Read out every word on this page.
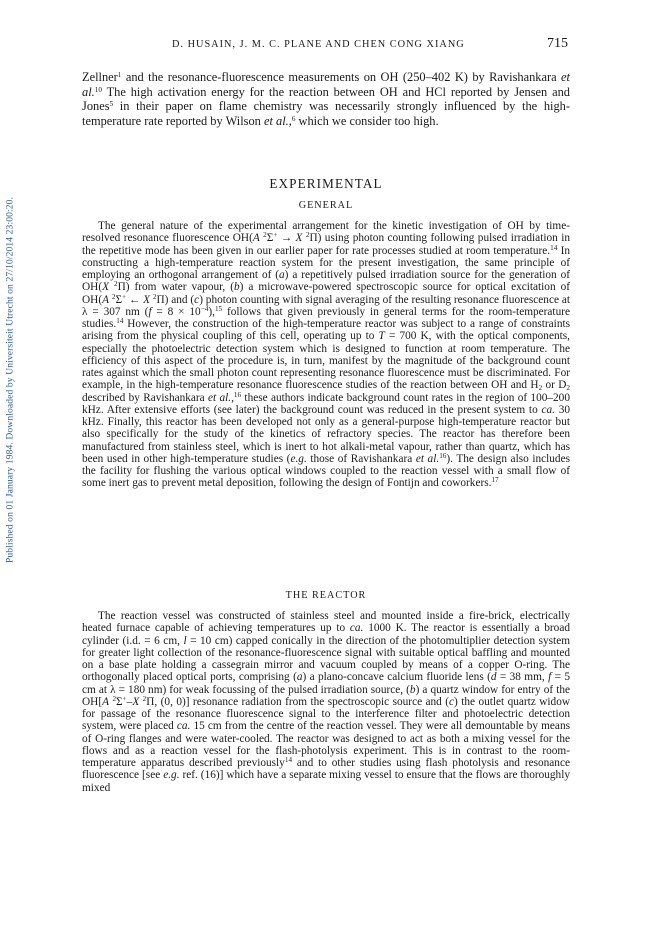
Published on 01 January 1984. Downloaded by Universiteit Utrecht on 27/10/2014 23:00:20.
D. HUSAIN, J. M. C. PLANE AND CHEN CONG XIANG	715

Zellner$^1$ and the resonance-fluorescence measurements on OH (250–402 K) by Ravishankara et al.$^{10}$ The high activation energy for the reaction between OH and HCl reported by Jensen and Jones$^5$ in their paper on flame chemistry was necessarily strongly influenced by the high-temperature rate reported by Wilson et al.,$^6$ which we consider too high.

EXPERIMENTAL
GENERAL

The general nature of the experimental arrangement for the kinetic investigation of OH by time-resolved resonance fluorescence OH(A $^2$Σ+ → X $^2$Π) using photon counting following pulsed irradiation in the repetitive mode has been given in our earlier paper for rate processes studied at room temperature.$^{14}$ In constructing a high-temperature reaction system for the present investigation, the same principle of employing an orthogonal arrangement of (a) a repetitively pulsed irradiation source for the generation of OH(X $^2$Π) from water vapour, (b) a microwave-powered spectroscopic source for optical excitation of OH(A $^2$Σ+ ← X $^2$Π) and (c) photon counting with signal averaging of the resulting resonance fluorescence at λ = 307 nm $(f = 8 \times 10^{-4}),^{15}$ follows that given previously in general terms for the room-temperature studies.$^{14}$ However, the construction of the high-temperature reactor was subject to a range of constraints arising from the physical coupling of this cell, operating up to T = 700 K, with the optical components, especially the photoelectric detection system which is designed to function at room temperature. The efficiency of this aspect of the procedure is, in turn, manifest by the magnitude of the background count rates against which the small photon count representing resonance fluorescence must be discriminated. For example, in the high-temperature resonance fluorescence studies of the reaction between OH and $H_2$ or $D_2$ described by Ravishankara et al.,$^{16}$ these authors indicate background count rates in the region of 100–200 kHz. After extensive efforts (see later) the background count was reduced in the present system to ca. 30 kHz. Finally, this reactor has been developed not only as a general-purpose high-temperature reactor but also specifically for the study of the kinetics of refractory species. The reactor has therefore been manufactured from stainless steel, which is inert to hot alkali-metal vapour, rather than quartz, which has been used in other high-temperature studies (e.g. those of Ravishankara et al.$^{16}$). The design also includes the facility for flushing the various optical windows coupled to the reaction vessel with a small flow of some inert gas to prevent metal deposition, following the design of Fontijn and coworkers.$^{17}$

THE REACTOR

The reaction vessel was constructed of stainless steel and mounted inside a fire-brick, electrically heated furnace capable of achieving temperatures up to ca. 1000 K. The reactor is essentially a broad cylinder (i.d. = 6 cm, l = 10 cm) capped conically in the direction of the photomultiplier detection system for greater light collection of the resonance-fluorescence signal with suitable optical baffling and mounted on a base plate holding a cassegrain mirror and vacuum coupled by means of a copper O-ring. The orthogonally placed optical ports, comprising (a) a plano-concave calcium fluoride lens (d = 38 mm, f = 5 cm at λ = 180 nm) for weak focussing of the pulsed irradiation source, (b) a quartz window for entry of the OH[A $^2$Σ+–X $^2$Π, (0, 0)] resonance radiation from the spectroscopic source and (c) the outlet quartz widow for passage of the resonance fluorescence signal to the interference filter and photoelectric detection system, were placed ca. 15 cm from the centre of the reaction vessel. They were all demountable by means of O-ring flanges and were water-cooled. The reactor was designed to act as both a mixing vessel for the flows and as a reaction vessel for the flash-photolysis experiment. This is in contrast to the room-temperature apparatus described previously$^{14}$ and to other studies using flash photolysis and resonance fluorescence [see e.g. ref. (16)] which have a separate mixing vessel to ensure that the flows are thoroughly mixed
